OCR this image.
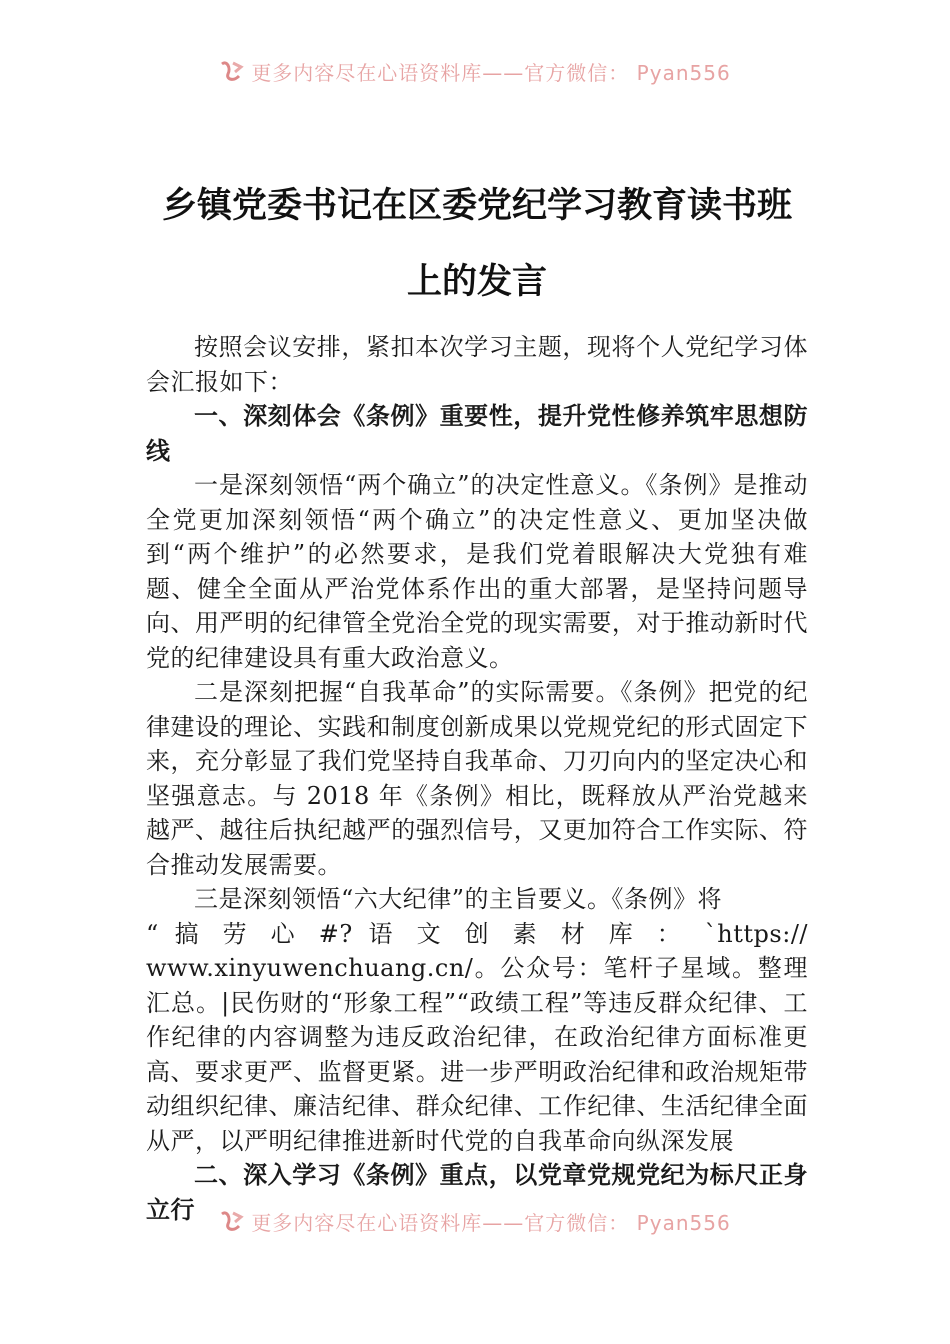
更多内容尽在心语资料库——官方微信： Pyan556
乡镇党委书记在区委党纪学习教育读书班
上的发言

按照会议安排，紧扣本次学习主题，现将个人党纪学习体会汇报如下：

一、深刻体会《条例》重要性，提升党性修养筑牢思想防线

一是深刻领悟“两个确立”的决定性意义。《条例》是推动全党更加深刻领悟“两个确立”的决定性意义、更加坚决做到“两个维护”的必然要求，是我们党着眼解决大党独有难题、健全全面从严治党体系作出的重大部署，是坚持问题导向、用严明的纪律管全党治全党的现实需要，对于推动新时代党的纪律建设具有重大政治意义。

二是深刻把握“自我革命”的实际需要。《条例》把党的纪律建设的理论、实践和制度创新成果以党规党纪的形式固定下来，充分彰显了我们党坚持自我革命、刀刃向内的坚定决心和坚强意志。与 2018 年《条例》相比，既释放从严治党越来越严、越往后执纪越严的强烈信号，又更加符合工作实际、符合推动发展需要。

三是深刻领悟“六大纪律”的主旨要义。《条例》将

“ 搞 劳 心 #? 语 文 创 素 材 库 ： `https://

www.xinyuwenchuang.cn/。公众号：笔杆子星域。整理汇总。|民伤财的“形象工程”“政绩工程”等违反群众纪律、工作纪律的内容调整为违反政治纪律，在政治纪律方面标准更高、要求更严、监督更紧。进一步严明政治纪律和政治规矩带动组织纪律、廉洁纪律、群众纪律、工作纪律、生活纪律全面从严，以严明纪律推进新时代党的自我革命向纵深发展

二、深入学习《条例》重点，以党章党规党纪为标尺正身立行	更多内容尽在心语资料库——官方微信： Pyan556
